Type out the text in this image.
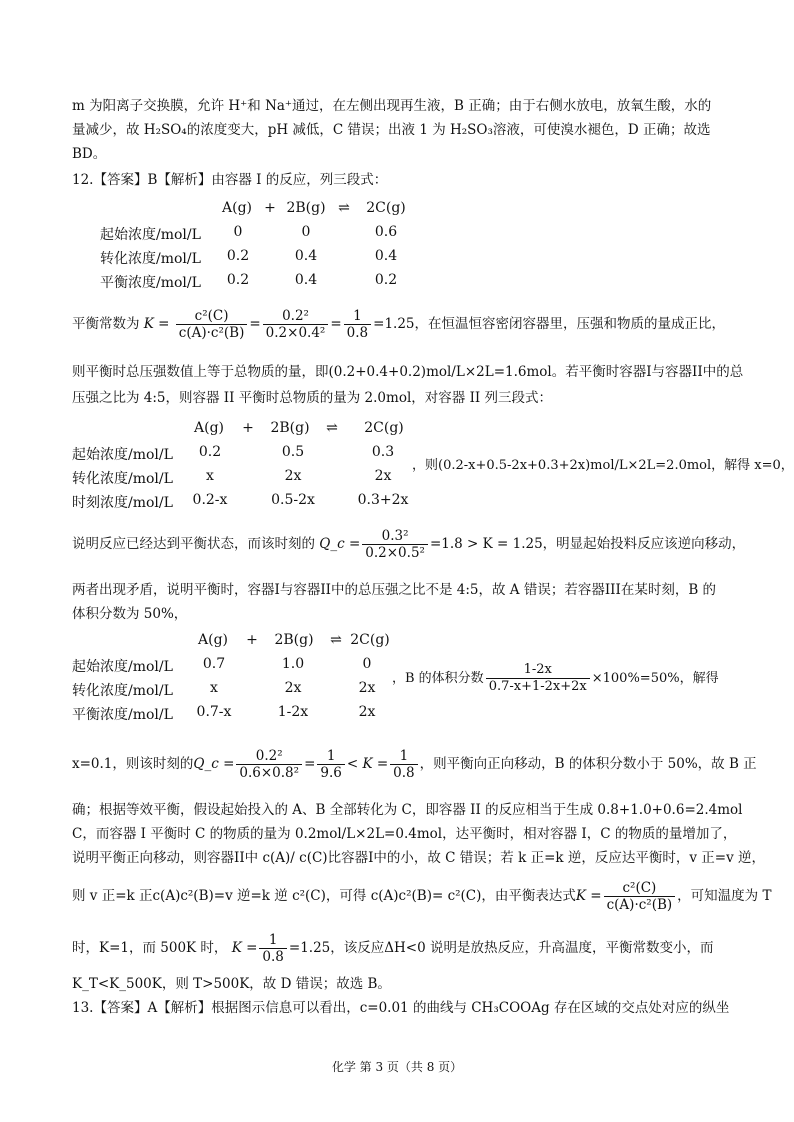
m 为阳离子交换膜，允许 H⁺和 Na⁺通过，在左侧出现再生液，B 正确；由于右侧水放电，放氧生酸，水的
量减少，故 H₂SO₄的浓度变大，pH 减低，C 错误；出液 1 为 H₂SO₃溶液，可使溴水褪色，D 正确；故选
BD。
12.【答案】B【解析】由容器 I 的反应，列三段式：
A(g) + 2B(g) ⇌ 2C(g)
起始浓度/mol/L	0	0	0.6
转化浓度/mol/L	0.2	0.4	0.4
平衡浓度/mol/L	0.2	0.4	0.2
平衡常数为 $K = \frac{\text{c²(C)}}{\text{c(A)·c²(B)}} = \frac{\text{0.2²}}{\text{0.2×0.4²}} = \frac{1}{0.8} =1.25$，在恒温恒容密闭容器里，压强和物质的量成正比，
则平衡时总压强数值上等于总物质的量，即(0.2+0.4+0.2)mol/L×2L=1.6mol。若平衡时容器I与容器II中的总
压强之比为 4:5，则容器 II 平衡时总物质的量为 2.0mol，对容器 II 列三段式：
A(g) + 2B(g) ⇌ 2C(g)
起始浓度/mol/L	0.2	0.5	0.3
转化浓度/mol/L	x	2x	2x
时刻浓度/mol/L	0.2-x	0.5-2x	0.3+2x
，则(0.2-x+0.5-2x+0.3+2x)mol/L×2L=2.0mol，解得 x=0，
说明反应已经达到平衡状态，而该时刻的 Q_c = $\frac{\text{0.3²}}{\text{0.2×0.5²}} =1.8 > K = 1.25$，明显起始投料反应该逆向移动，
两者出现矛盾，说明平衡时，容器I与容器II中的总压强之比不是 4:5，故 A 错误；若容器III在某时刻，B 的
体积分数为 50%，
A(g) + 2B(g) ⇌ 2C(g)
起始浓度/mol/L	0.7	1.0	0
转化浓度/mol/L	x	2x	2x
平衡浓度/mol/L	0.7-x	1-2x	2x
，B 的体积分数 $\frac{1-2x}{0.7-x+1-2x+2x} \times 100\%=50\%$，解得
x=0.1，则该时刻的Q_c = $\frac{\text{0.2²}}{\text{0.6×0.8²}} = \frac{1}{9.6} < K = \frac{1}{0.8}$ ，则平衡向正向移动，B 的体积分数小于 50%，故 B 正
确；根据等效平衡，假设起始投入的 A、B 全部转化为 C，即容器 II 的反应相当于生成 0.8+1.0+0.6=2.4mol
C，而容器 I 平衡时 C 的物质的量为 0.2mol/L×2L=0.4mol，达平衡时，相对容器 I，C 的物质的量增加了，
说明平衡正向移动，则容器II中 c(A)/ c(C)比容器I中的小，故 C 错误；若 k 正=k 逆，反应达平衡时，v 正=v 逆，
则 v 正=k 正c(A)c²(B)=v 逆=k 逆 c²(C)，可得 c(A)c²(B)= c²(C)，由平衡表达式$K = \frac{\text{c²(C)}}{\text{c(A)·c²(B)}}$ ，可知温度为 T
时，K=1，而 500K 时， $K = \frac{1}{0.8} =1.25$，该反应ΔH<0 说明是放热反应，升高温度，平衡常数变小，而
K_T<K_500K，则 T>500K，故 D 错误；故选 B。
13.【答案】A【解析】根据图示信息可以看出，c=0.01 的曲线与 CH₃COOAg 存在区域的交点处对应的纵坐
化学 第 3 页（共 8 页）
